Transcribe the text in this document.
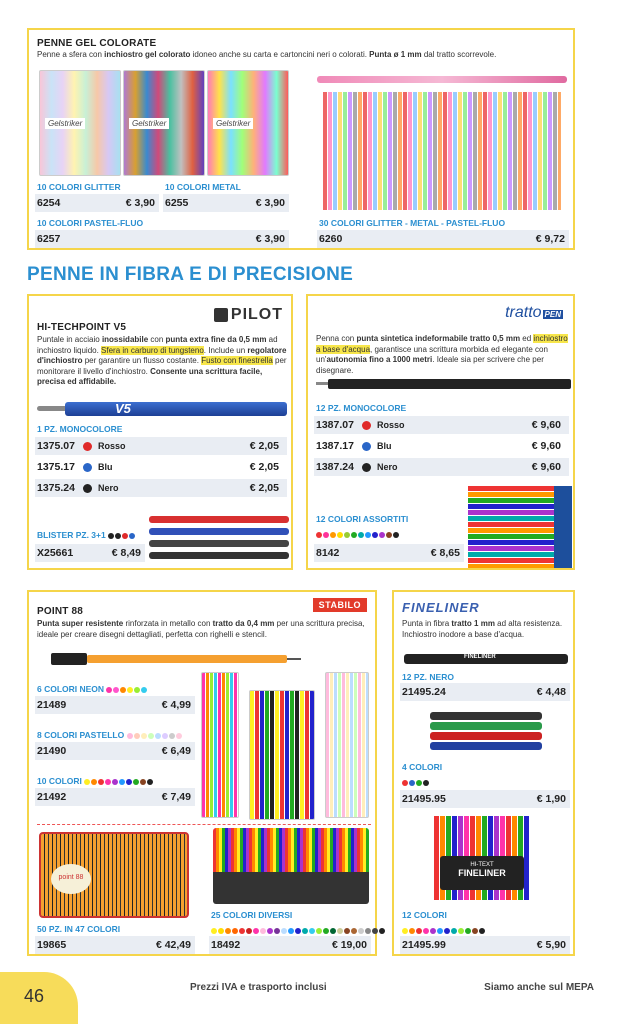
PENNE GEL COLORATE
Penne a sfera con inchiostro gel colorato idoneo anche su carta e cartoncini neri o colorati. Punta ø 1 mm dal tratto scorrevole.
Gelstriker	Gelstriker	Gelstriker
10 COLORI GLITTER	10 COLORI METAL
6254	€ 3,90 6255	€ 3,90
10 COLORI PASTEL-FLUO
6257	€ 3,90
30 COLORI GLITTER - METAL - PASTEL-FLUO
6260	€ 9,72
PENNE IN FIBRA E DI PRECISIONE
PILOT
HI-TECHPOINT V5
Puntale in acciaio inossidabile con punta extra fine da 0,5 mm ad inchiostro liquido. Sfera in carburo di tungsteno. Include un regolatore d'inchiostro per garantire un flusso costante. Fusto con finestrella per monitorare il livello d'inchiostro. Consente una scrittura facile, precisa ed affidabile.
V5
1 PZ. MONOCOLORE
1375.07	Rosso	€ 2,05
1375.17	Blu	€ 2,05
1375.24	Nero	€ 2,05
BLISTER PZ. 3+1
X25661	€ 8,49
tratto PEN
Penna con punta sintetica indeformabile tratto 0,5 mm ed inchiostro a base d'acqua, garantisce una scrittura morbida ed elegante con un'autonomia fino a 1000 metri. Ideale sia per scrivere che per disegnare.
12 PZ. MONOCOLORE
1387.07	Rosso	€ 9,60
1387.17	Blu	€ 9,60
1387.24	Nero	€ 9,60
12 COLORI ASSORTITI
8142	€ 8,65
STABILO
POINT 88
Punta super resistente rinforzata in metallo con tratto da 0,4 mm per una scrittura precisa, ideale per creare disegni dettagliati, perfetta con righelli e stencil.
6 COLORI NEON
21489	€ 4,99
8 COLORI PASTELLO
21490	€ 6,49
10 COLORI
21492	€ 7,49
point 88
50 PZ. IN 47 COLORI
19865	€ 42,49
25 COLORI DIVERSI
18492	€ 19,00
FINELINER
Punta in fibra tratto 1 mm ad alta resistenza. Inchiostro inodore a base d'acqua.
FINELINER
12 PZ. NERO
21495.24	€ 4,48
4 COLORI
21495.95	€ 1,90
HI-TEXT
FINELINER
12 COLORI
21495.99	€ 5,90
46	Prezzi IVA e trasporto inclusi	Siamo anche sul MEPA
